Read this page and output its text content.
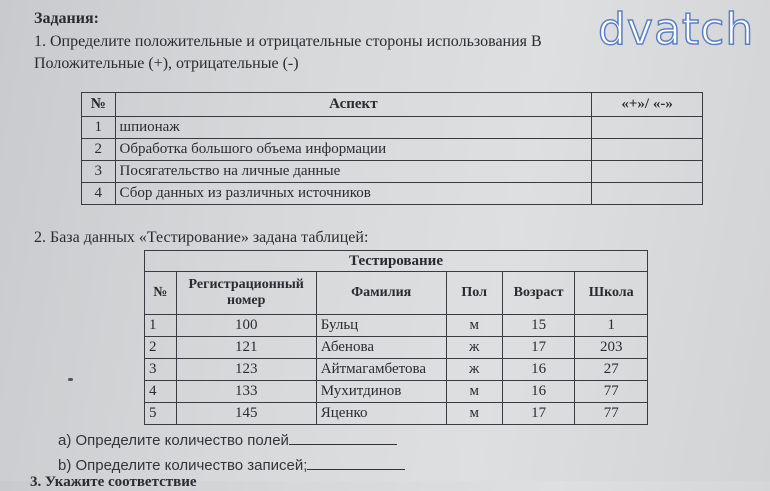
Задания:
1. Определите положительные и отрицательные стороны использования В
Положительные (+), отрицательные (-)
dvatch
№	Аспект	«+»/ «-»
1	шпионаж	
2	Обработка большого объема информации	
3	Посягательство на личные данные	
4	Сбор данных из различных источников	
2. База данных «Тестирование» задана таблицей:
Тестирование					
№	Регистрационный номер	Фамилия	Пол	Возраст	Школа
1	100	Бульц	м	15	1
2	121	Абенова	ж	17	203
3	123	Айтмагамбетова	ж	16	27
4	133	Мухитдинов	м	16	77
5	145	Яценко	м	17	77
a) Определите количество полей
b) Определите количество записей;
3. Укажите соответствие
